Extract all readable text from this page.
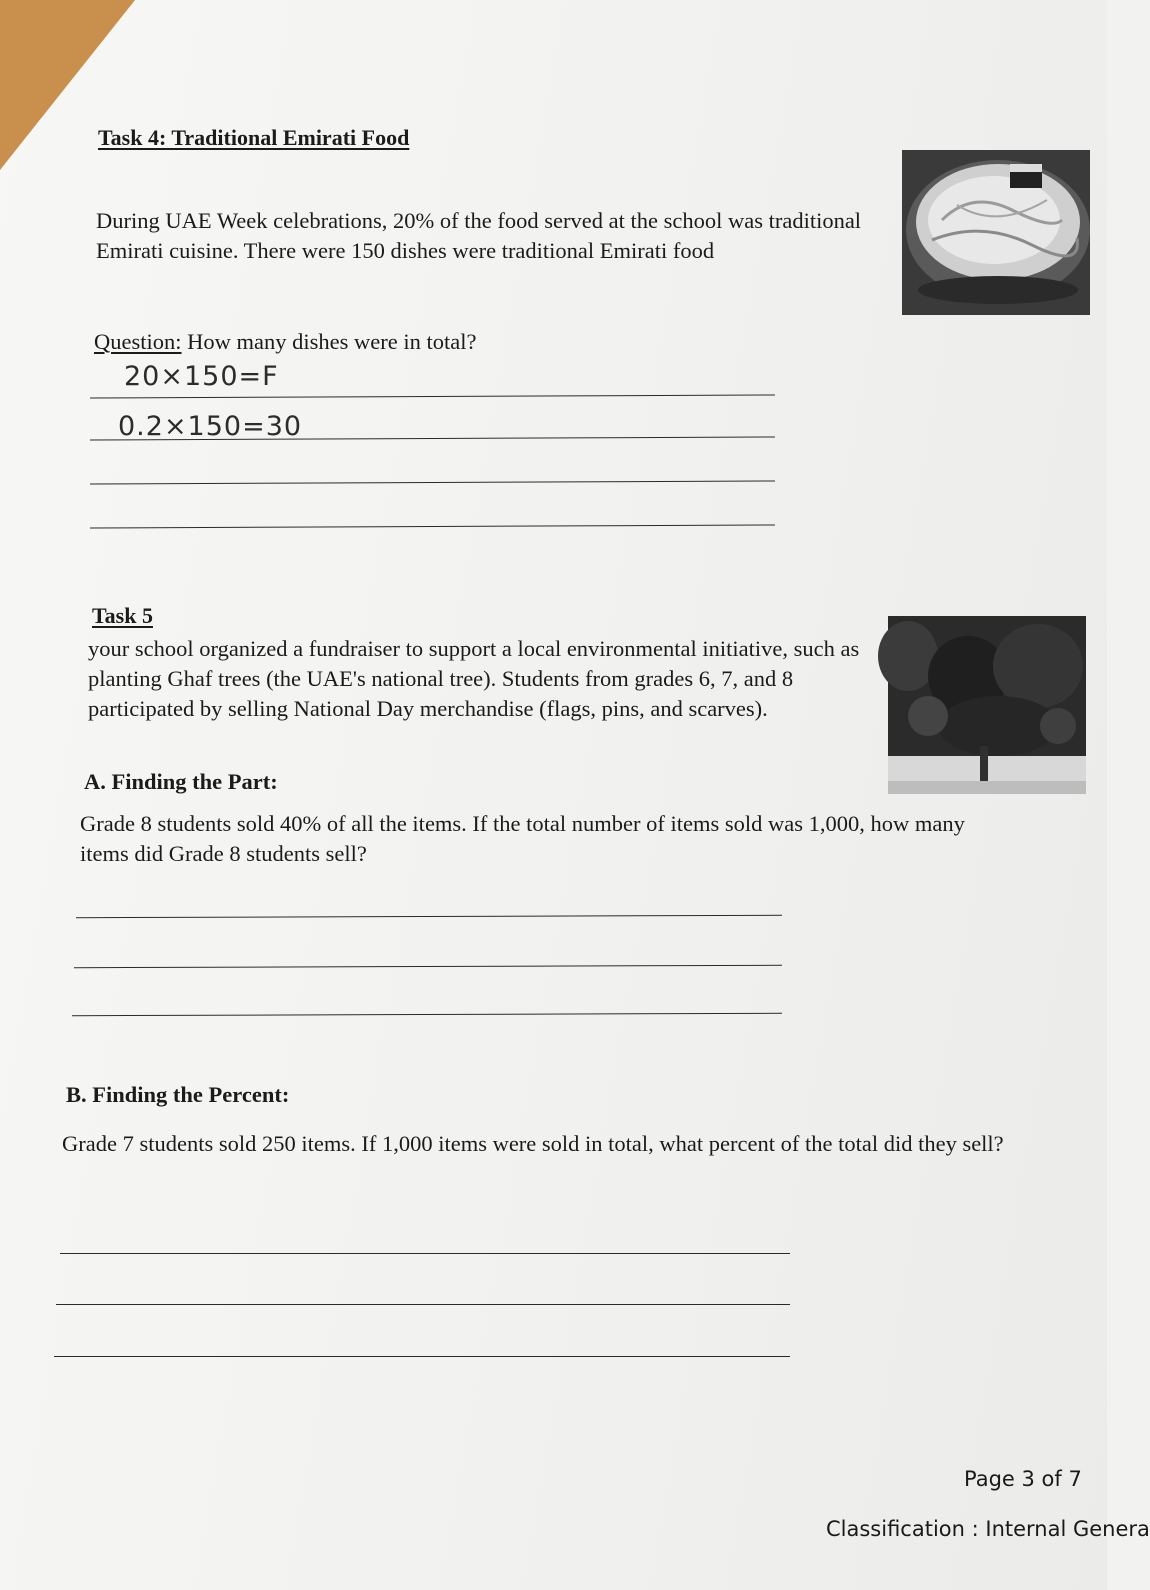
Task 4: Traditional Emirati Food
During UAE Week celebrations, 20% of the food served at the school was traditional Emirati cuisine. There were 150 dishes were traditional Emirati food
Question: How many dishes were in total?
20×150=F
0.2×150=30
Task 5
your school organized a fundraiser to support a local environmental initiative, such as planting Ghaf trees (the UAE's national tree). Students from grades 6, 7, and 8 participated by selling National Day merchandise (flags, pins, and scarves).
A. Finding the Part:
Grade 8 students sold 40% of all the items. If the total number of items sold was 1,000, how many items did Grade 8 students sell?
B. Finding the Percent:
Grade 7 students sold 250 items. If 1,000 items were sold in total, what percent of the total did they sell?
Page 3 of 7
Classification : Internal Genera
